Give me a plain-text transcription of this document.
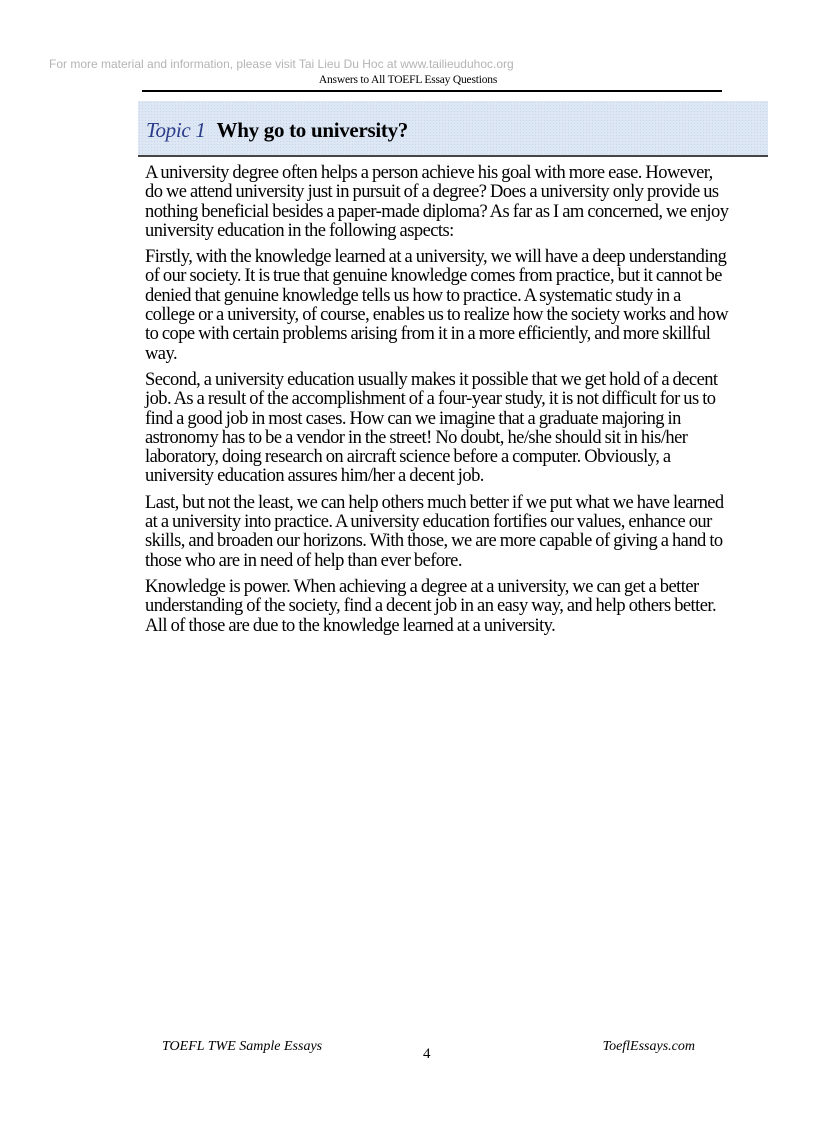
For more material and information, please visit Tai Lieu Du Hoc at www.tailieuduhoc.org
Answers to All TOEFL Essay Questions
Topic 1 Why go to university?

A university degree often helps a person achieve his goal with more ease. However, do we attend university just in pursuit of a degree? Does a university only provide us nothing beneficial besides a paper-made diploma? As far as I am concerned, we enjoy university education in the following aspects:

Firstly, with the knowledge learned at a university, we will have a deep understanding of our society. It is true that genuine knowledge comes from practice, but it cannot be denied that genuine knowledge tells us how to practice. A systematic study in a college or a university, of course, enables us to realize how the society works and how to cope with certain problems arising from it in a more efficiently, and more skillful way.

Second, a university education usually makes it possible that we get hold of a decent job. As a result of the accomplishment of a four-year study, it is not difficult for us to find a good job in most cases. How can we imagine that a graduate majoring in astronomy has to be a vendor in the street! No doubt, he/she should sit in his/her laboratory, doing research on aircraft science before a computer. Obviously, a university education assures him/her a decent job.

Last, but not the least, we can help others much better if we put what we have learned at a university into practice. A university education fortifies our values, enhance our skills, and broaden our horizons. With those, we are more capable of giving a hand to those who are in need of help than ever before.

Knowledge is power. When achieving a degree at a university, we can get a better understanding of the society, find a decent job in an easy way, and help others better. All of those are due to the knowledge learned at a university.

TOEFL TWE Sample Essays	4	ToeflEssays.com
